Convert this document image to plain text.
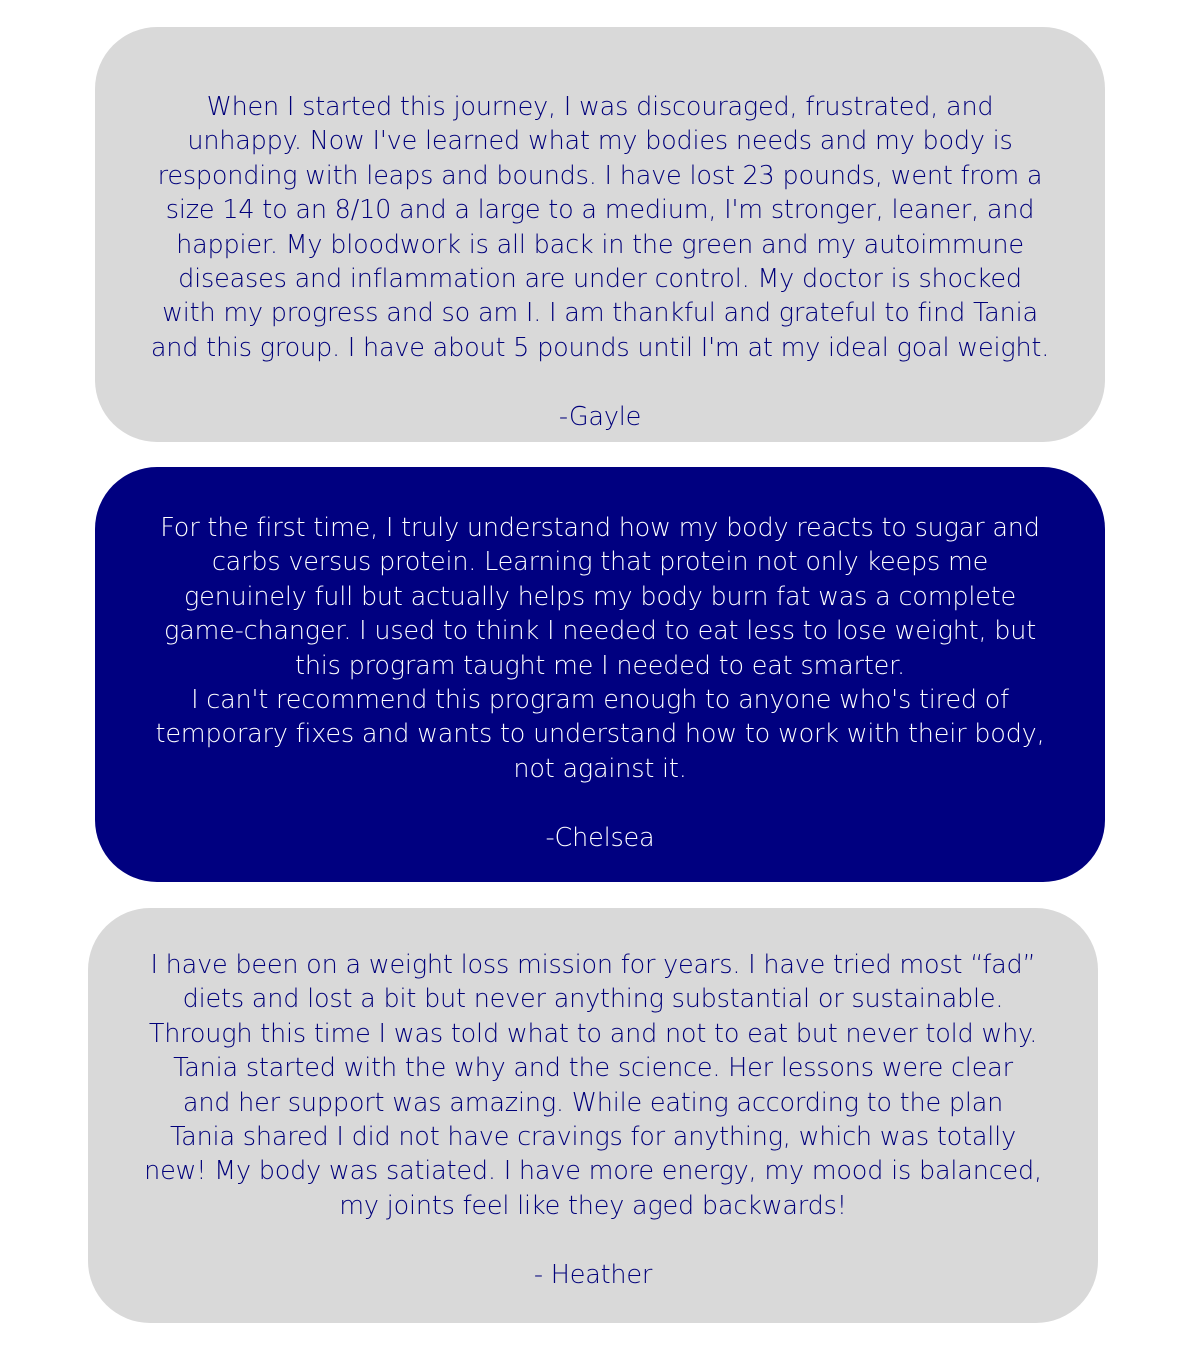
When I started this journey, I was discouraged, frustrated, and
unhappy. Now I've learned what my bodies needs and my body is
responding with leaps and bounds. I have lost 23 pounds, went from a
size 14 to an 8/10 and a large to a medium, I'm stronger, leaner, and
happier. My bloodwork is all back in the green and my autoimmune
diseases and inflammation are under control. My doctor is shocked
with my progress and so am I. I am thankful and grateful to find Tania
and this group. I have about 5 pounds until I'm at my ideal goal weight.

-Gayle

For the first time, I truly understand how my body reacts to sugar and
carbs versus protein. Learning that protein not only keeps me
genuinely full but actually helps my body burn fat was a complete
game-changer. I used to think I needed to eat less to lose weight, but
this program taught me I needed to eat smarter.
I can't recommend this program enough to anyone who's tired of
temporary fixes and wants to understand how to work with their body,
not against it.

-Chelsea

I have been on a weight loss mission for years. I have tried most “fad”
diets and lost a bit but never anything substantial or sustainable.
Through this time I was told what to and not to eat but never told why.
Tania started with the why and the science. Her lessons were clear
and her support was amazing. While eating according to the plan
Tania shared I did not have cravings for anything, which was totally
new! My body was satiated. I have more energy, my mood is balanced,
my joints feel like they aged backwards!

- Heather
